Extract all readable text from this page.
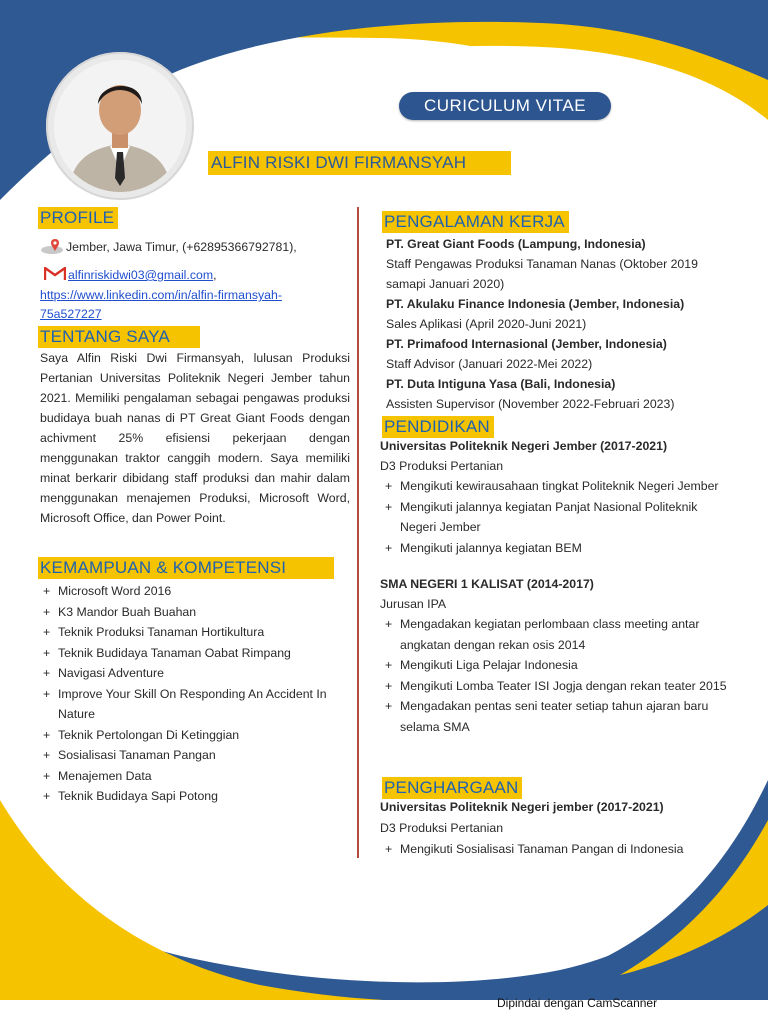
CURICULUM VITAE
ALFIN RISKI DWI FIRMANSYAH
PROFILE
Jember, Jawa Timur, (+62895366792781),
alfinriskidwi03@gmail.com,
https://www.linkedin.com/in/alfin-firmansyah-
75a527227
TENTANG SAYA
Saya Alfin Riski Dwi Firmansyah, lulusan Produksi Pertanian Universitas Politeknik Negeri Jember tahun 2021. Memiliki pengalaman sebagai pengawas produksi budidaya buah nanas di PT Great Giant Foods dengan achivment 25% efisiensi pekerjaan dengan menggunakan traktor canggih modern. Saya memiliki minat berkarir dibidang staff produksi dan mahir dalam menggunakan menajemen Produksi, Microsoft Word, Microsoft Office, dan Power Point.
KEMAMPUAN & KOMPETENSI
+ Microsoft Word 2016
+ K3 Mandor Buah Buahan
+ Teknik Produksi Tanaman Hortikultura
+ Teknik Budidaya Tanaman Oabat Rimpang
+ Navigasi Adventure
+ Improve Your Skill On Responding An Accident In Nature
+ Teknik Pertolongan Di Ketinggian
+ Sosialisasi Tanaman Pangan
+ Menajemen Data
+ Teknik Budidaya Sapi Potong
PENGALAMAN KERJA
PT. Great Giant Foods (Lampung, Indonesia)
Staff Pengawas Produksi Tanaman Nanas (Oktober 2019 samapi Januari 2020)
PT. Akulaku Finance Indonesia (Jember, Indonesia)
Sales Aplikasi (April 2020-Juni 2021)
PT. Primafood Internasional (Jember, Indonesia)
Staff Advisor (Januari 2022-Mei 2022)
PT. Duta Intiguna Yasa (Bali, Indonesia)
Assisten Supervisor (November 2022-Februari 2023)
PENDIDIKAN
Universitas Politeknik Negeri Jember (2017-2021)
D3 Produksi Pertanian
+ Mengikuti kewirausahaan tingkat Politeknik Negeri Jember
+ Mengikuti jalannya kegiatan Panjat Nasional Politeknik Negeri Jember
+ Mengikuti jalannya kegiatan BEM
SMA NEGERI 1 KALISAT (2014-2017)
Jurusan IPA
+ Mengadakan kegiatan perlombaan class meeting antar angkatan dengan rekan osis 2014
+ Mengikuti Liga Pelajar Indonesia
+ Mengikuti Lomba Teater ISI Jogja dengan rekan teater 2015
+ Mengadakan pentas seni teater setiap tahun ajaran baru selama SMA
PENGHARGAAN
Universitas Politeknik Negeri jember (2017-2021)
D3 Produksi Pertanian
+ Mengikuti Sosialisasi Tanaman Pangan di Indonesia
Dipindai dengan CamScanner
